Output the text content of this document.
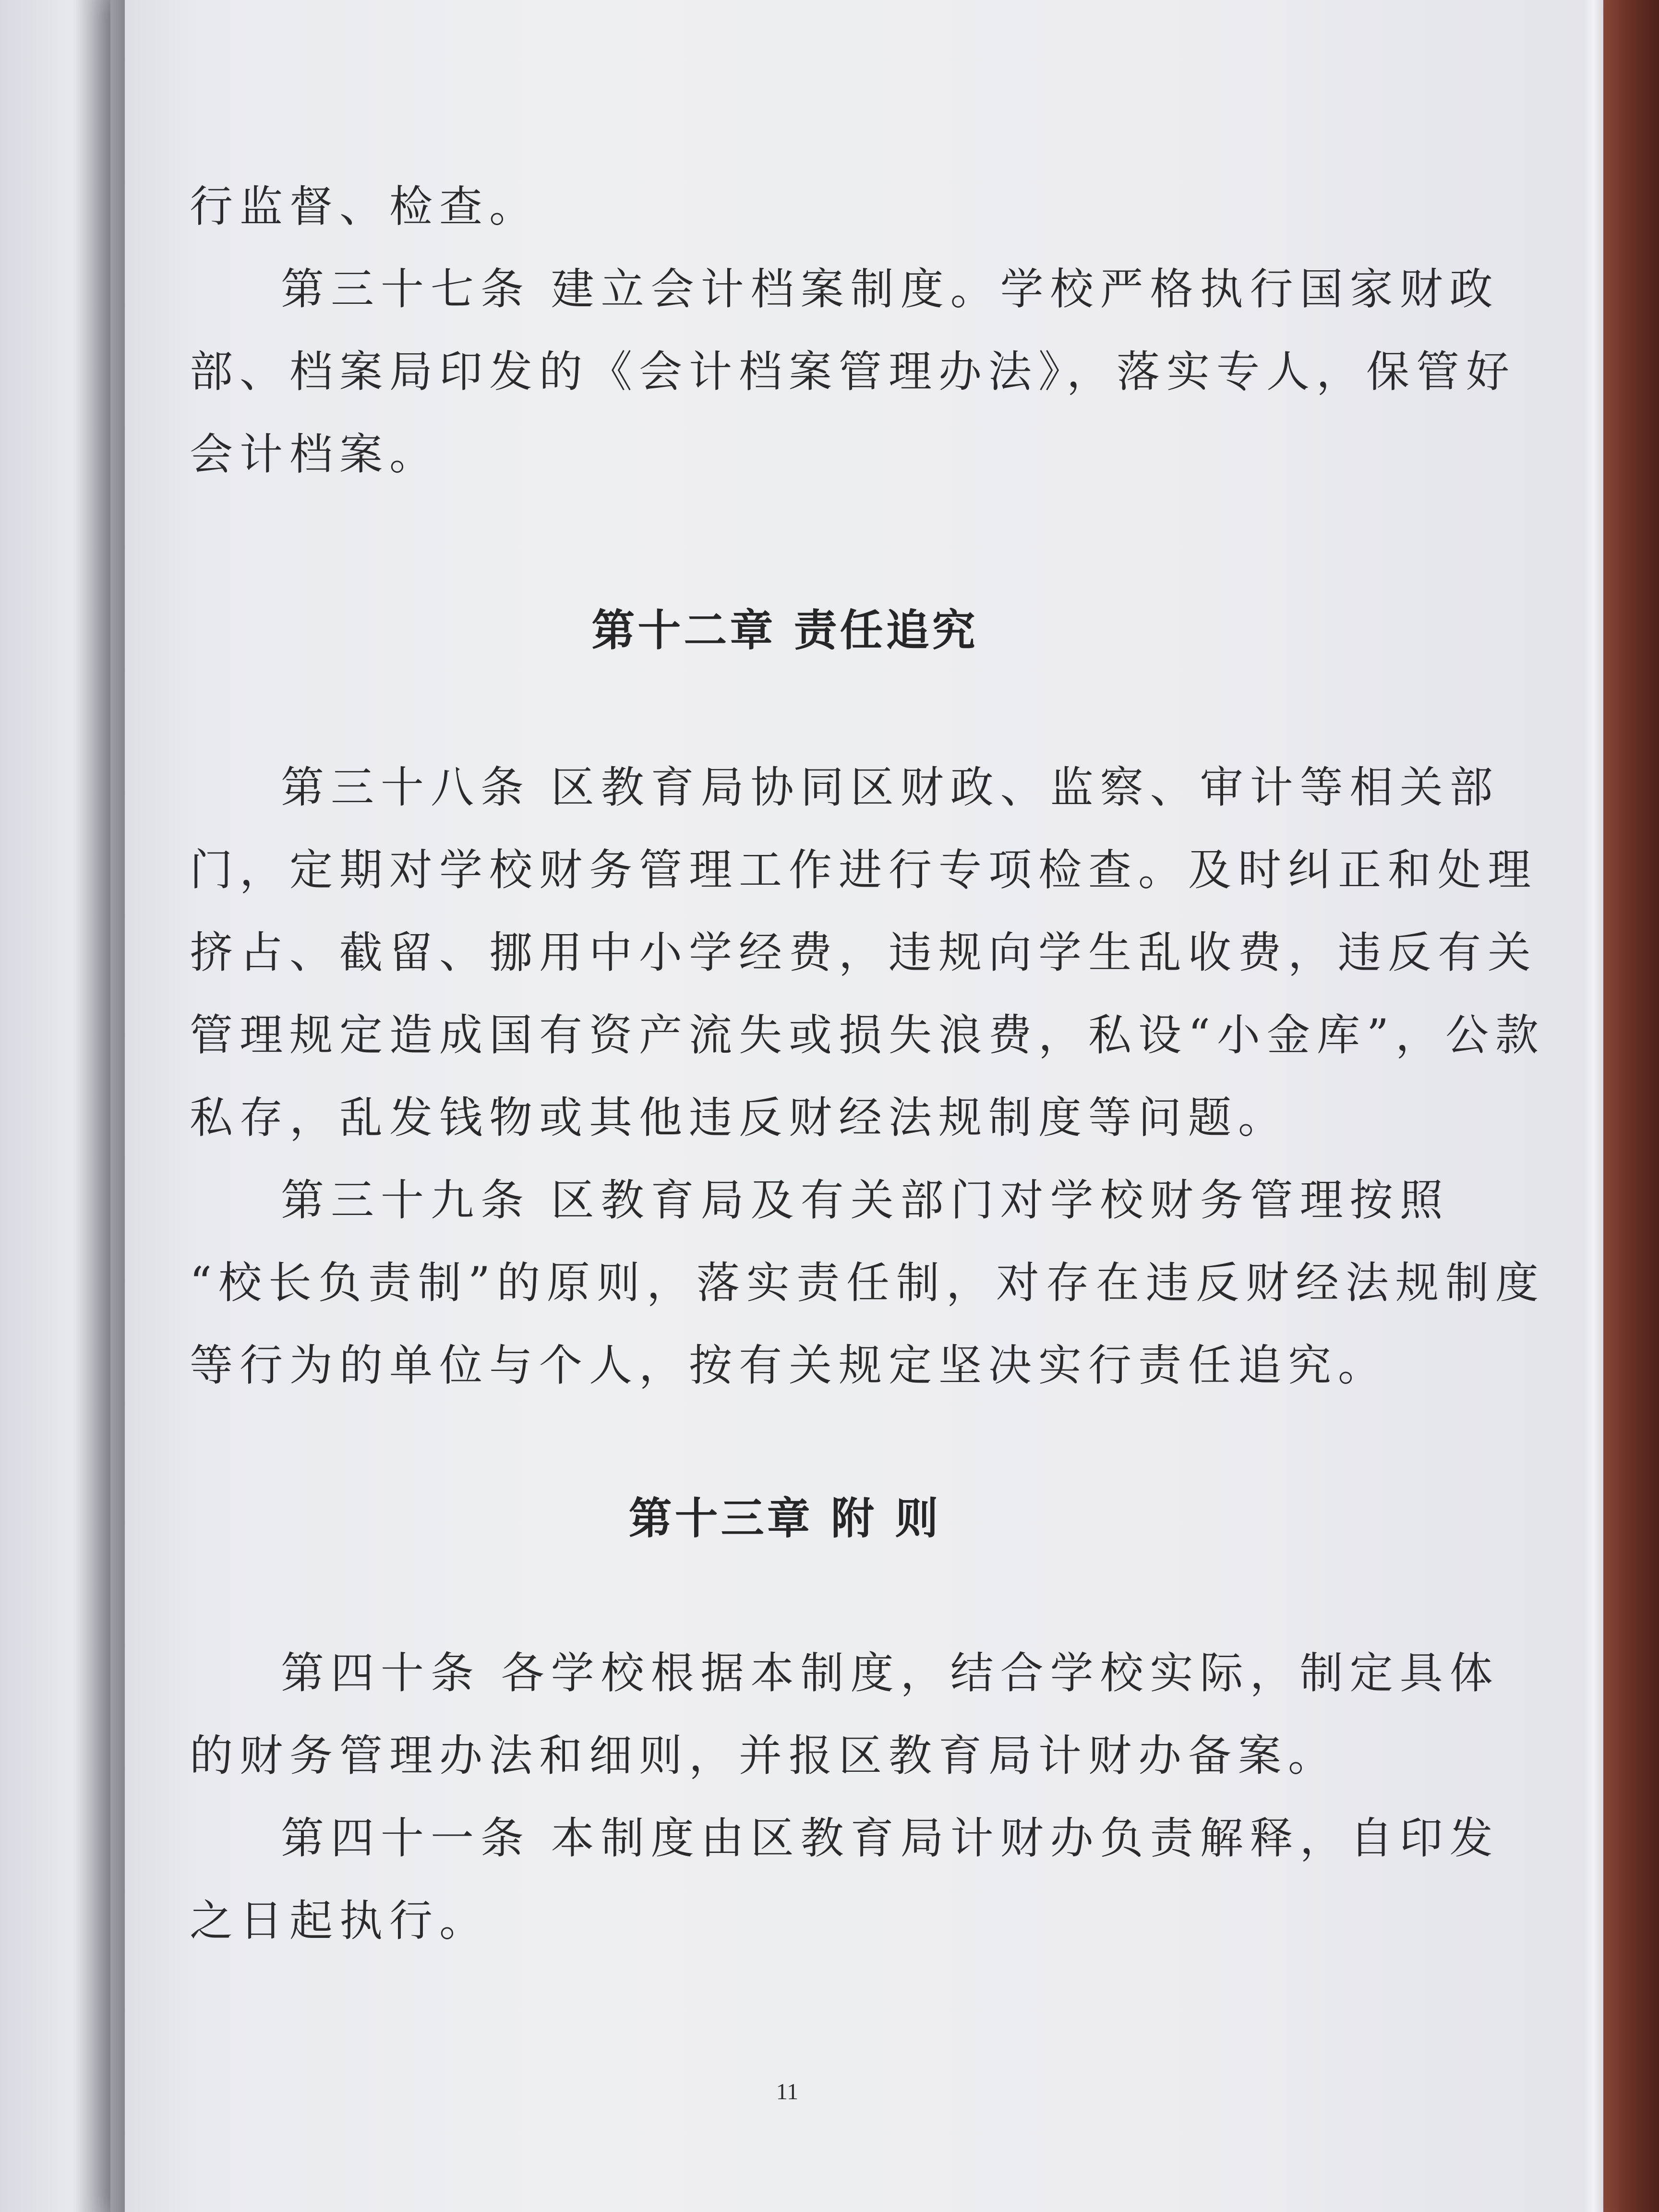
行监督、检查。
第三十七条 建立会计档案制度。学校严格执行国家财政
部、档案局印发的《会计档案管理办法》，落实专人，保管好
会计档案。
第十二章 责任追究
第三十八条 区教育局协同区财政、监察、审计等相关部
门，定期对学校财务管理工作进行专项检查。及时纠正和处理
挤占、截留、挪用中小学经费，违规向学生乱收费，违反有关
管理规定造成国有资产流失或损失浪费，私设“小金库”，公款
私存，乱发钱物或其他违反财经法规制度等问题。
第三十九条 区教育局及有关部门对学校财务管理按照
“校长负责制”的原则，落实责任制，对存在违反财经法规制度
等行为的单位与个人，按有关规定坚决实行责任追究。
第十三章 附 则
第四十条 各学校根据本制度，结合学校实际，制定具体
的财务管理办法和细则，并报区教育局计财办备案。
第四十一条 本制度由区教育局计财办负责解释，自印发
之日起执行。
11
